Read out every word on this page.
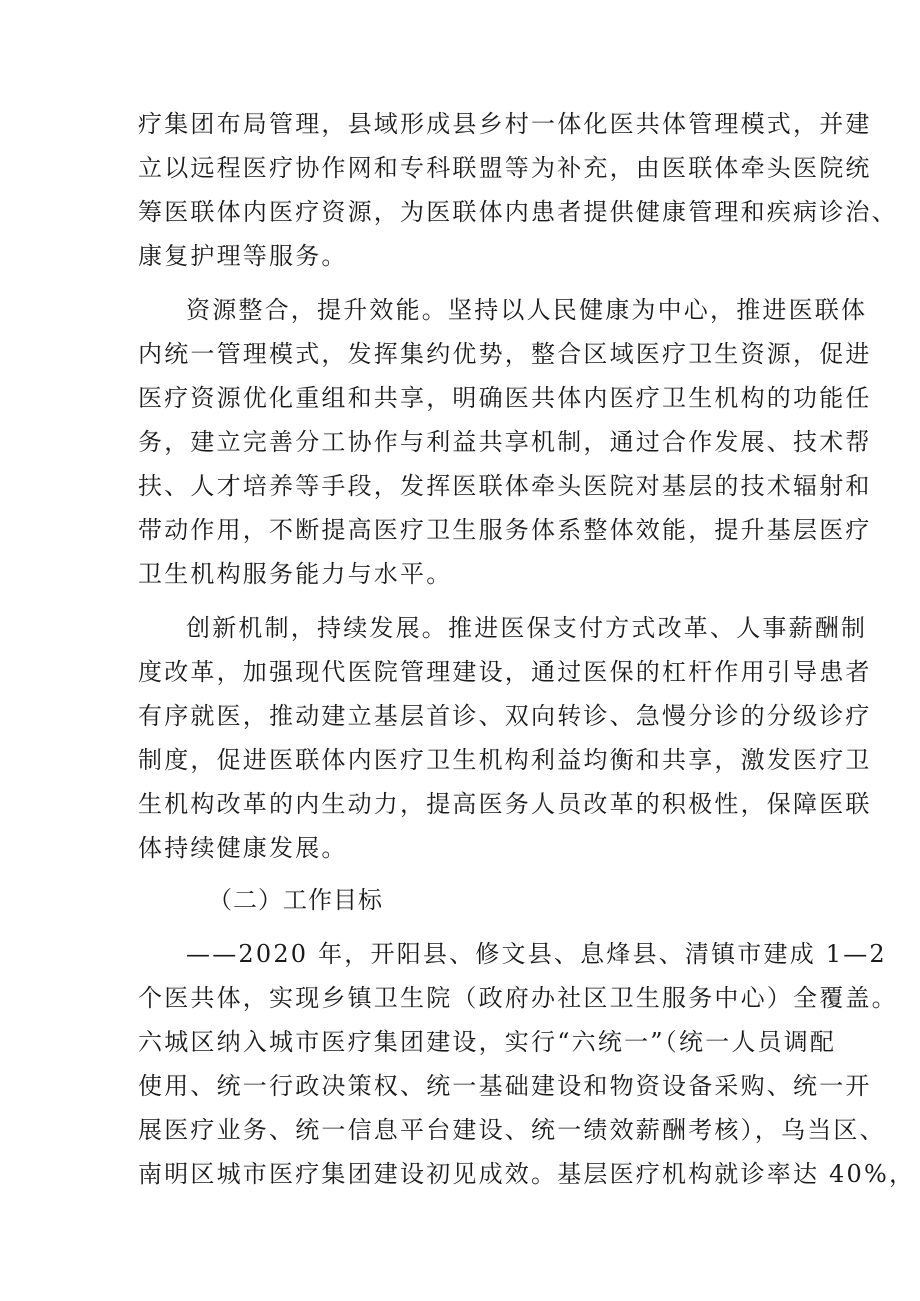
疗集团布局管理，县域形成县乡村一体化医共体管理模式，并建
立以远程医疗协作网和专科联盟等为补充，由医联体牵头医院统
筹医联体内医疗资源，为医联体内患者提供健康管理和疾病诊治、
康复护理等服务。
资源整合，提升效能。坚持以人民健康为中心，推进医联体
内统一管理模式，发挥集约优势，整合区域医疗卫生资源，促进
医疗资源优化重组和共享，明确医共体内医疗卫生机构的功能任
务，建立完善分工协作与利益共享机制，通过合作发展、技术帮
扶、人才培养等手段，发挥医联体牵头医院对基层的技术辐射和
带动作用，不断提高医疗卫生服务体系整体效能，提升基层医疗
卫生机构服务能力与水平。
创新机制，持续发展。推进医保支付方式改革、人事薪酬制
度改革，加强现代医院管理建设，通过医保的杠杆作用引导患者
有序就医，推动建立基层首诊、双向转诊、急慢分诊的分级诊疗
制度，促进医联体内医疗卫生机构利益均衡和共享，激发医疗卫
生机构改革的内生动力，提高医务人员改革的积极性，保障医联
体持续健康发展。
（二）工作目标
——2020 年，开阳县、修文县、息烽县、清镇市建成 1—2
个医共体，实现乡镇卫生院（政府办社区卫生服务中心）全覆盖。
六城区纳入城市医疗集团建设，实行“六统一”（统一人员调配
使用、统一行政决策权、统一基础建设和物资设备采购、统一开
展医疗业务、统一信息平台建设、统一绩效薪酬考核），乌当区、
南明区城市医疗集团建设初见成效。基层医疗机构就诊率达 40%，
